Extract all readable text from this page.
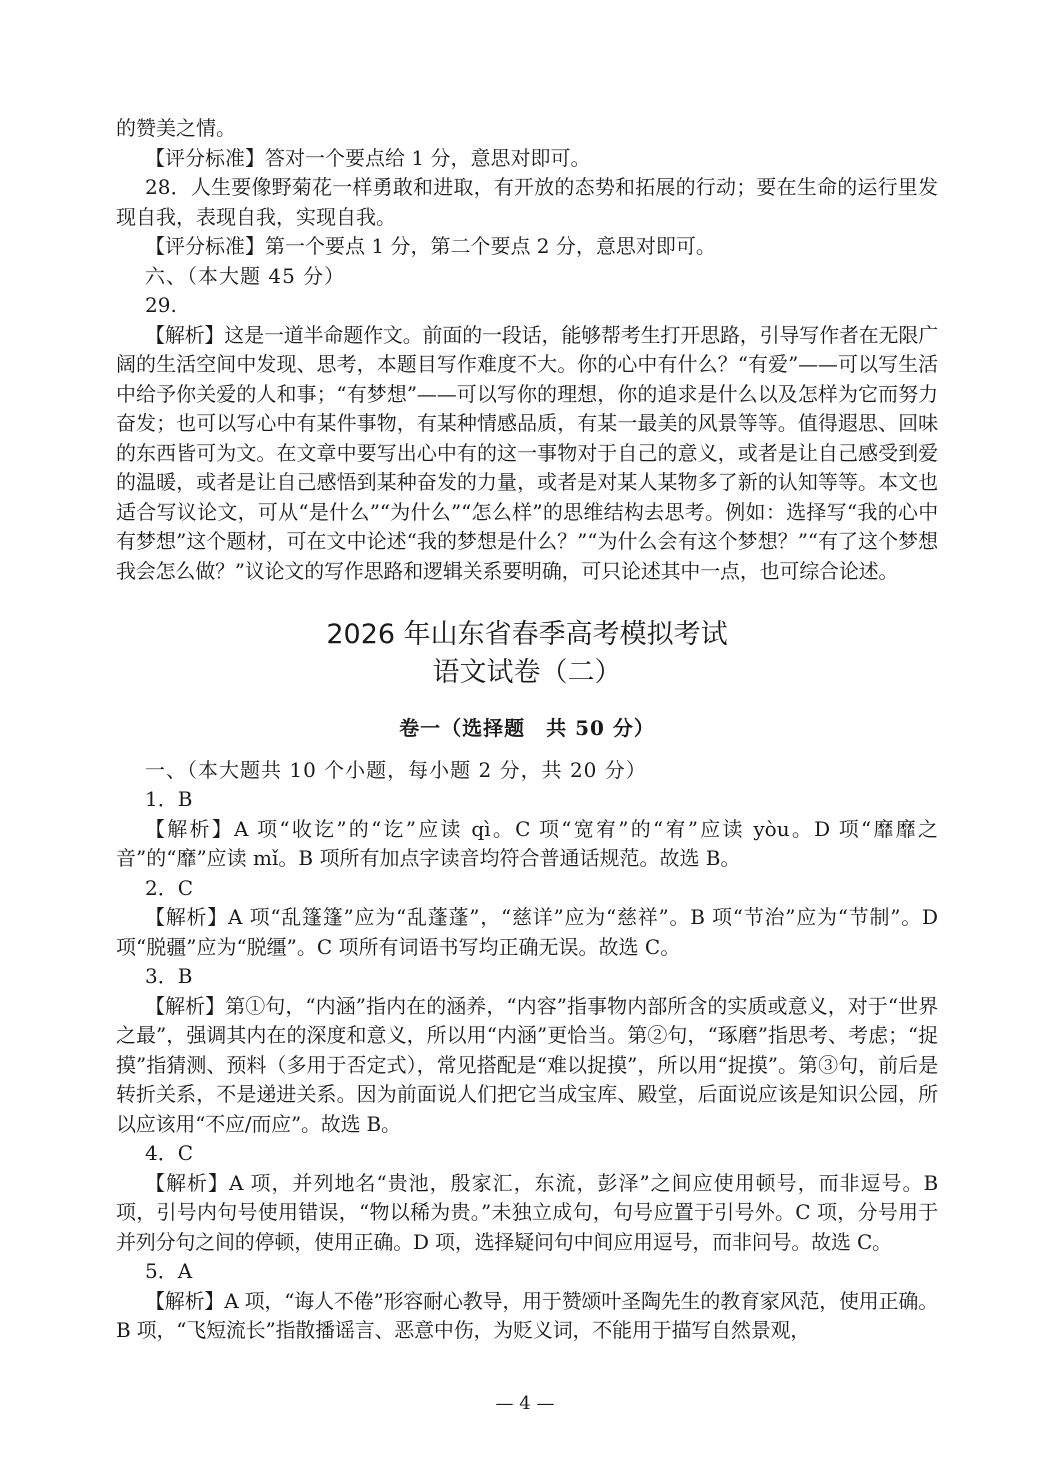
的赞美之情。

【评分标准】答对一个要点给 1 分，意思对即可。

28．人生要像野菊花一样勇敢和进取，有开放的态势和拓展的行动；要在生命的运行里发现自我，表现自我，实现自我。

【评分标准】第一个要点 1 分，第二个要点 2 分，意思对即可。

六、（本大题 45 分）

29.

【解析】这是一道半命题作文。前面的一段话，能够帮考生打开思路，引导写作者在无限广阔的生活空间中发现、思考，本题目写作难度不大。你的心中有什么？“有爱”——可以写生活中给予你关爱的人和事；“有梦想”——可以写你的理想，你的追求是什么以及怎样为它而努力奋发；也可以写心中有某件事物，有某种情感品质，有某一最美的风景等等。值得遐思、回味的东西皆可为文。在文章中要写出心中有的这一事物对于自己的意义，或者是让自己感受到爱的温暖，或者是让自己感悟到某种奋发的力量，或者是对某人某物多了新的认知等等。本文也适合写议论文，可从“是什么”“为什么”“怎么样”的思维结构去思考。例如：选择写“我的心中有梦想”这个题材，可在文中论述“我的梦想是什么？”“为什么会有这个梦想？”“有了这个梦想我会怎么做？”议论文的写作思路和逻辑关系要明确，可只论述其中一点，也可综合论述。

2026 年山东省春季高考模拟考试

语文试卷（二）

卷一（选择题　共 50 分）

一、（本大题共 10 个小题，每小题 2 分，共 20 分）

1．B

【解析】A 项“收讫”的“讫”应读 qì。C 项“宽宥”的“宥”应读 yòu。D 项“靡靡之音”的“靡”应读 mǐ。B 项所有加点字读音均符合普通话规范。故选 B。

2．C

【解析】A 项“乱篷篷”应为“乱蓬蓬”，“慈详”应为“慈祥”。B 项“节治”应为“节制”。D 项“脱疆”应为“脱缰”。C 项所有词语书写均正确无误。故选 C。

3．B

【解析】第①句，“内涵”指内在的涵养，“内容”指事物内部所含的实质或意义，对于“世界之最”，强调其内在的深度和意义，所以用“内涵”更恰当。第②句，“琢磨”指思考、考虑；“捉摸”指猜测、预料（多用于否定式），常见搭配是“难以捉摸”，所以用“捉摸”。第③句，前后是转折关系，不是递进关系。因为前面说人们把它当成宝库、殿堂，后面说应该是知识公园，所以应该用“不应/而应”。故选 B。

4．C

【解析】A 项，并列地名“贵池，殷家汇，东流，彭泽”之间应使用顿号，而非逗号。B 项，引号内句号使用错误，“物以稀为贵。”未独立成句，句号应置于引号外。C 项，分号用于并列分句之间的停顿，使用正确。D 项，选择疑问句中间应用逗号，而非问号。故选 C。

5．A

【解析】A 项，“诲人不倦”形容耐心教导，用于赞颂叶圣陶先生的教育家风范，使用正确。B 项，“飞短流长”指散播谣言、恶意中伤，为贬义词，不能用于描写自然景观，

— 4 —
